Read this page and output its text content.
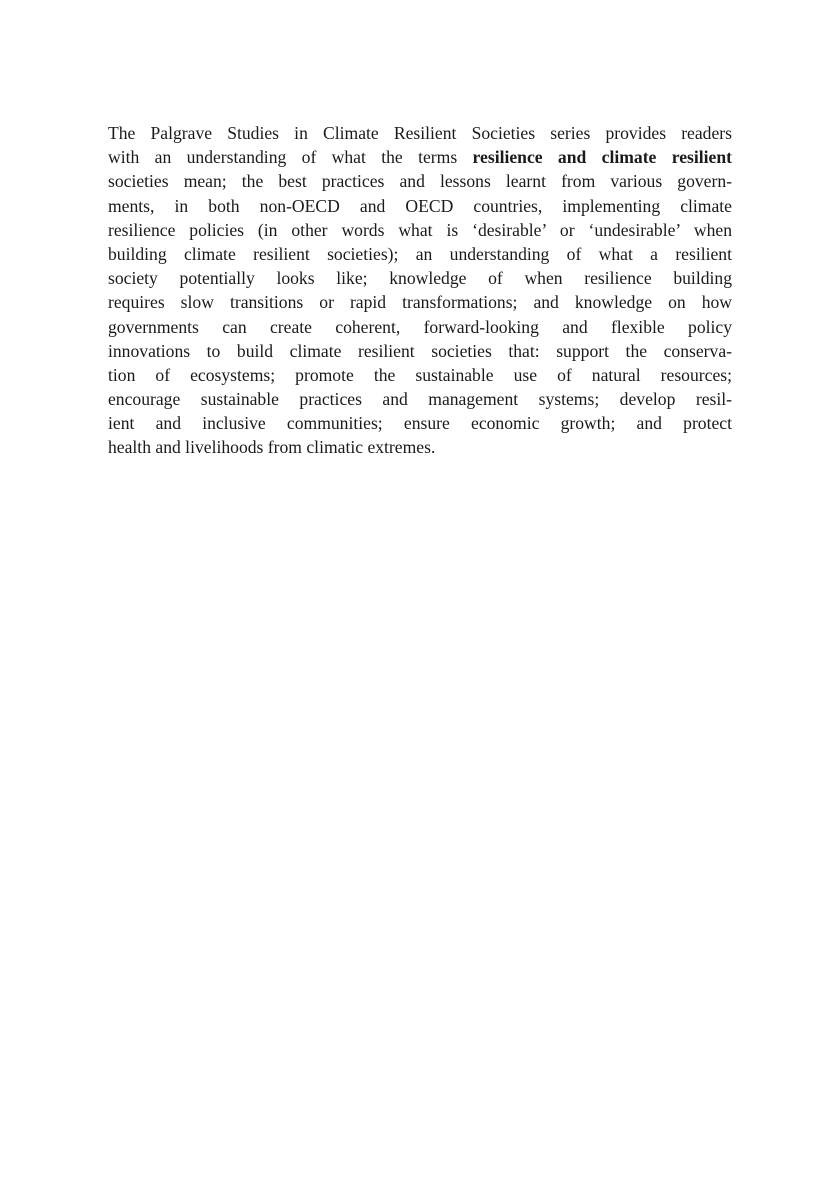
The Palgrave Studies in Climate Resilient Societies series provides readers
with an understanding of what the terms resilience and climate resilient
societies mean; the best practices and lessons learnt from various govern-
ments, in both non-OECD and OECD countries, implementing climate
resilience policies (in other words what is ‘desirable’ or ‘undesirable’ when
building climate resilient societies); an understanding of what a resilient
society potentially looks like; knowledge of when resilience building
requires slow transitions or rapid transformations; and knowledge on how
governments can create coherent, forward-looking and flexible policy
innovations to build climate resilient societies that: support the conserva-
tion of ecosystems; promote the sustainable use of natural resources;
encourage sustainable practices and management systems; develop resil-
ient and inclusive communities; ensure economic growth; and protect
health and livelihoods from climatic extremes.
